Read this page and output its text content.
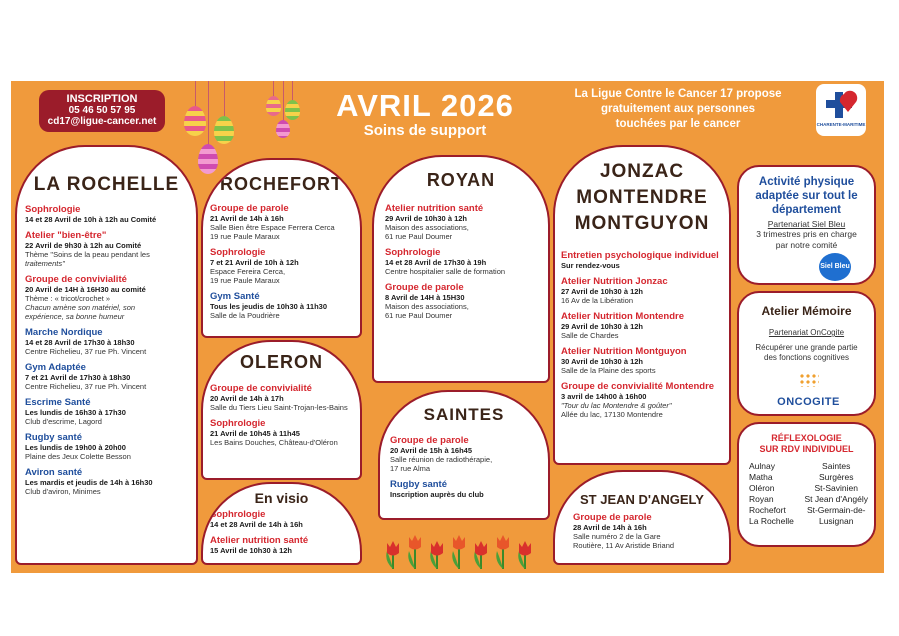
INSCRIPTION
05 46 50 57 95
cd17@ligue-cancer.net	AVRIL 2026
Soins de support
La Ligue Contre le Cancer 17 propose
gratuitement aux personnes
touchées par le cancer	CHARENTE-MARITIME
LA ROCHELLE
Sophrologie
14 et 28 Avril de 10h à 12h au Comité
Atelier "bien-être"
22 Avril de 9h30 à 12h au Comité
Thème "Soins de la peau pendant les
traitements"
Groupe de convivialité
20 Avril de 14H à 16H30 au comité
Thème : « tricot/crochet »
Chacun amène son matériel, son
expérience, sa bonne humeur
Marche Nordique
14 et 28 Avril de 17h30 à 18h30
Centre Richelieu, 37 rue Ph. Vincent
Gym Adaptée
7 et 21 Avril de 17h30 à 18h30
Centre Richelieu, 37 rue Ph. Vincent
Escrime Santé
Les lundis de 16h30 à 17h30
Club d'escrime, Lagord
Rugby santé
Les lundis de 19h00 à 20h00
Plaine des Jeux Colette Besson
Aviron santé
Les mardis et jeudis de 14h à 16h30
Club d'aviron, Minimes
ROCHEFORT
Groupe de parole
21 Avril de 14h à 16h
Salle Bien être Espace Ferrera Cerca
19 rue Paule Maraux
Sophrologie
7 et 21 Avril de 10h à 12h
Espace Fereira Cerca,
19 rue Paule Maraux
Gym Santé
Tous les jeudis de 10h30 à 11h30
Salle de la Poudrière
OLERON
Groupe de convivialité
20 Avril de 14h à 17h
Salle du Tiers Lieu Saint-Trojan-les-Bains
Sophrologie
21 Avril de 10h45 à 11h45
Les Bains Douches, Château-d'Oléron
En visio
Sophrologie
14 et 28 Avril de 14h à 16h
Atelier nutrition santé
15 Avril de 10h30 à 12h
ROYAN
Atelier nutrition santé
29 Avril de 10h30 à 12h
Maison des associations,
61 rue Paul Doumer
Sophrologie
14 et 28 Avril de 17h30 à 19h
Centre hospitalier salle de formation
Groupe de parole
8 Avril de 14H à 15H30
Maison des associations,
61 rue Paul Doumer
SAINTES
Groupe de parole
20 Avril de 15h à 16h45
Salle réunion de radiothérapie,
17 rue Alma
Rugby santé
Inscription auprès du club
JONZAC
MONTENDRE
MONTGUYON
Entretien psychologique individuel
Sur rendez-vous
Atelier Nutrition Jonzac
27 Avril de 10h30 à 12h
16 Av de la Libération
Atelier Nutrition Montendre
29 Avril de 10h30 à 12h
Salle de Chardes
Atelier Nutrition Montguyon
30 Avril de 10h30 à 12h
Salle de la Plaine des sports
Groupe de convivialité Montendre
3 avril de 14h00 à 16h00
"Tour du lac Montendre & goûter"
Allée du lac, 17130 Montendre
ST JEAN D'ANGELY
Groupe de parole
28 Avril de 14h à 16h
Salle numéro 2 de la Gare
Routière, 11 Av Aristide Briand
Activité physique
adaptée sur tout le
département
Partenariat Siel Bleu
3 trimestres pris en charge
par notre comité
Siel Bleu
Atelier Mémoire
Partenariat OnCogite
Récupérer une grande partie
des fonctions cognitives
ONCOGITE
RÉFLEXOLOGIE
SUR RDV INDIVIDUEL
Aulnay
Matha
Oléron
Royan
Rochefort
La Rochelle
Saintes
Surgères
St-Savinien
St Jean d'Angély
St-Germain-de-
Lusignan
